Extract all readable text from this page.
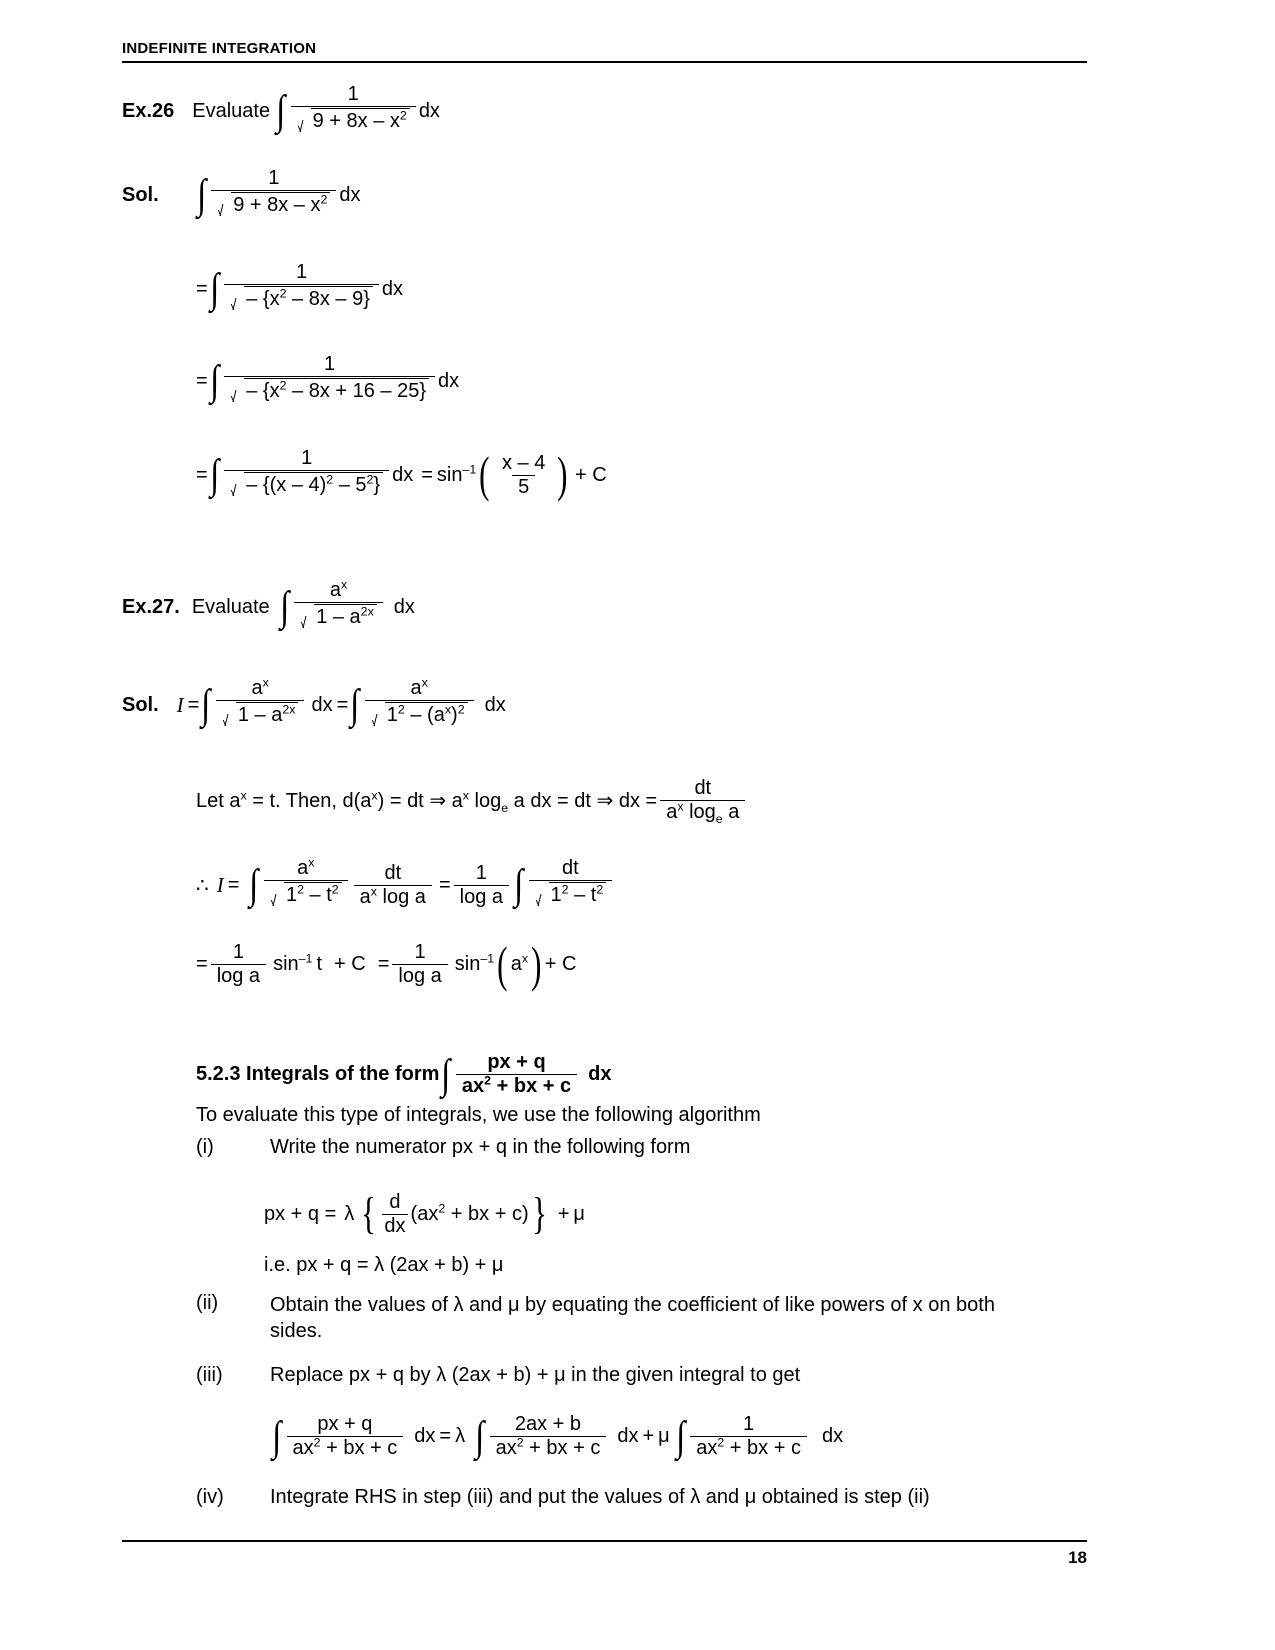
INDEFINITE INTEGRATION
Ex.26 Evaluate ∫ $\frac{1}{9 + 8x - x^2}$ dx
Sol. ∫ $\frac{1}{9 + 8x - x^2}$ dx
= ∫ $\frac{1}{- \{x^2 - 8x - 9\}}$ dx
= ∫ $\frac{1}{- \{x^2 - 8x + 16 - 25\}}$ dx
= ∫ $\frac{1}{- \{(x - 4)^2 - 5^2\}}$ dx = $\sin^{-1}$ ( $\frac{x - 4}{5}$ ) + C
Ex.27. Evaluate ∫ $\frac{a^x}{1 - a^{2x}}$ dx
Sol. I = ∫ $\frac{a^x}{1 - a^{2x}}$ dx = ∫ $\frac{a^x}{1^2 - (a^x)^2}$ dx
Let $a^x = t$. Then, $d(a^x)$ = dt ⇒ $a^x$ $\log_e a$ dx = dt ⇒ dx = $\frac{dt}{a^x \log_e a}$
∴ I = ∫ $\frac{a^x}{1^2 - t^2} \frac{dt}{a^x \log a} = \frac{1}{\text{log a}}$ ∫ $\frac{dt}{1^2 - t^2}$
= $\frac{1}{\text{log a}} \sin^{-1} t + C = \frac{1}{\text{log a}} \sin^{-1}$ ( $a^x$ ) + C
5.2.3 Integrals of the form ∫ $\frac{px + q}{ax^2 + bx + c}$ dx
To evaluate this type of integrals, we use the following algorithm
(i)	Write the numerator px + q in the following form
px + q = λ { $\frac{d}{dx} (ax^2$ + bx + c) } + μ
i.e. px + q = λ (2ax + b) + μ
(ii)	Obtain the values of λ and μ by equating the coefficient of like powers of x on both
sides.
(iii)	Replace px + q by λ (2ax + b) + μ in the given integral to get
∫ $\frac{px + q}{ax^2 + bx + c}$ dx = λ ∫ $\frac{2ax + b}{ax^2 + bx + c}$ dx + μ ∫ $\frac{1}{ax^2 + bx + c}$ dx
(iv)	Integrate RHS in step (iii) and put the values of λ and μ obtained is step (ii)
18
